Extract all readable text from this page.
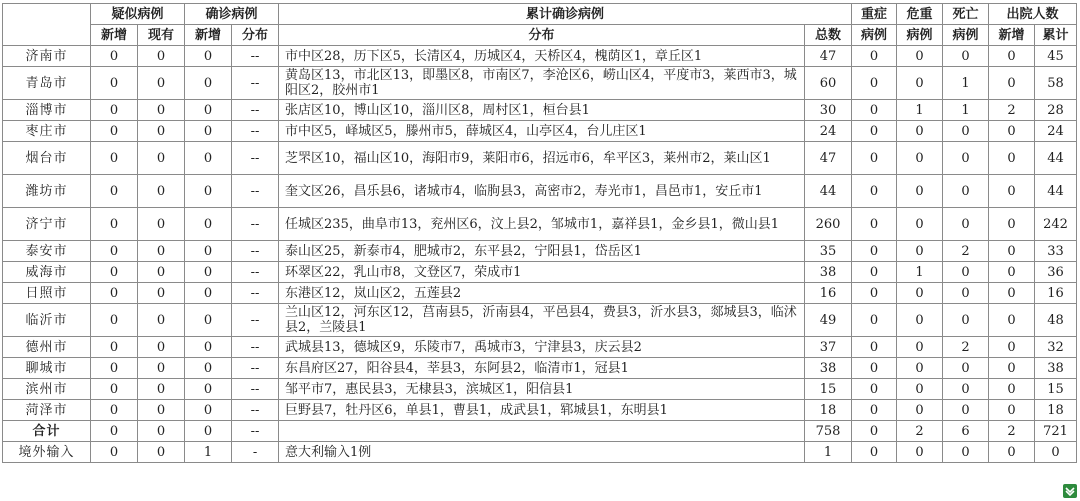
	疑似病例		确诊病例		累计确诊病例		重症	危重	死亡	出院人数	
	新增	现有	新增	分布	分布	总数	病例	病例	病例	新增	累计
济南市	0	0	0	--	市中区28，历下区5，长清区4，历城区4，天桥区4，槐荫区1，章丘区1	47	0	0	0	0	45
青岛市	0	0	0	--	黄岛区13，市北区13，即墨区8，市南区7，李沧区6，崂山区4，平度市3，莱西市3，城阳区2，胶州市1	60	0	0	1	0	58
淄博市	0	0	0	--	张店区10，博山区10，淄川区8，周村区1，桓台县1	30	0	1	1	2	28
枣庄市	0	0	0	--	市中区5，峄城区5，滕州市5，薛城区4，山亭区4，台儿庄区1	24	0	0	0	0	24
烟台市	0	0	0	--	芝罘区10，福山区10，海阳市9，莱阳市6，招远市6，牟平区3，莱州市2，莱山区1	47	0	0	0	0	44
潍坊市	0	0	0	--	奎文区26，昌乐县6，诸城市4，临朐县3，高密市2，寿光市1，昌邑市1，安丘市1	44	0	0	0	0	44
济宁市	0	0	0	--	任城区235，曲阜市13，兖州区6，汶上县2，邹城市1，嘉祥县1，金乡县1，微山县1	260	0	0	0	0	242
泰安市	0	0	0	--	泰山区25，新泰市4，肥城市2，东平县2，宁阳县1，岱岳区1	35	0	0	2	0	33
威海市	0	0	0	--	环翠区22，乳山市8，文登区7，荣成市1	38	0	1	0	0	36
日照市	0	0	0	--	东港区12，岚山区2，五莲县2	16	0	0	0	0	16
临沂市	0	0	0	--	兰山区12，河东区12，莒南县5，沂南县4，平邑县4，费县3，沂水县3，郯城县3，临沭县2，兰陵县1	49	0	0	0	0	48
德州市	0	0	0	--	武城县13，德城区9，乐陵市7，禹城市3，宁津县3，庆云县2	37	0	0	2	0	32
聊城市	0	0	0	--	东昌府区27，阳谷县4，莘县3，东阿县2，临清市1，冠县1	38	0	0	0	0	38
滨州市	0	0	0	--	邹平市7，惠民县3，无棣县3，滨城区1，阳信县1	15	0	0	0	0	15
菏泽市	0	0	0	--	巨野县7，牡丹区6，单县1，曹县1，成武县1，郓城县1，东明县1	18	0	0	0	0	18
合计	0	0	0	--		758	0	2	6	2	721
境外输入	0	0	1	-	意大利输入1例	1	0	0	0	0	0
